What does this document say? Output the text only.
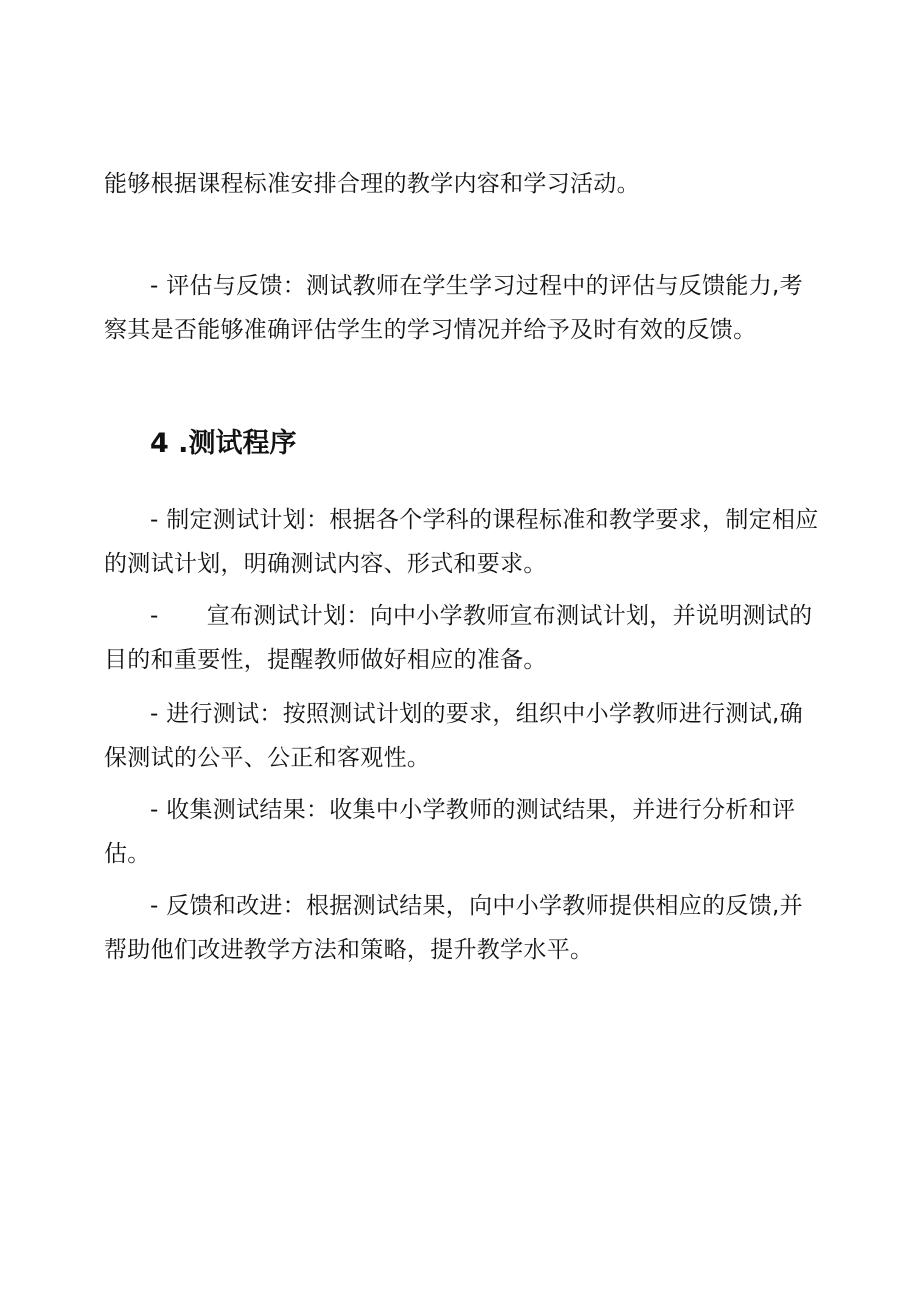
能够根据课程标准安排合理的教学内容和学习活动。

- 评估与反馈：测试教师在学生学习过程中的评估与反馈能力,考察其是否能够准确评估学生的学习情况并给予及时有效的反馈。

4 .测试程序

- 制定测试计划：根据各个学科的课程标准和教学要求，制定相应的测试计划，明确测试内容、形式和要求。

- 宣布测试计划：向中小学教师宣布测试计划，并说明测试的目的和重要性，提醒教师做好相应的准备。

- 进行测试：按照测试计划的要求，组织中小学教师进行测试,确保测试的公平、公正和客观性。

- 收集测试结果：收集中小学教师的测试结果，并进行分析和评估。

- 反馈和改进：根据测试结果，向中小学教师提供相应的反馈,并帮助他们改进教学方法和策略，提升教学水平。
